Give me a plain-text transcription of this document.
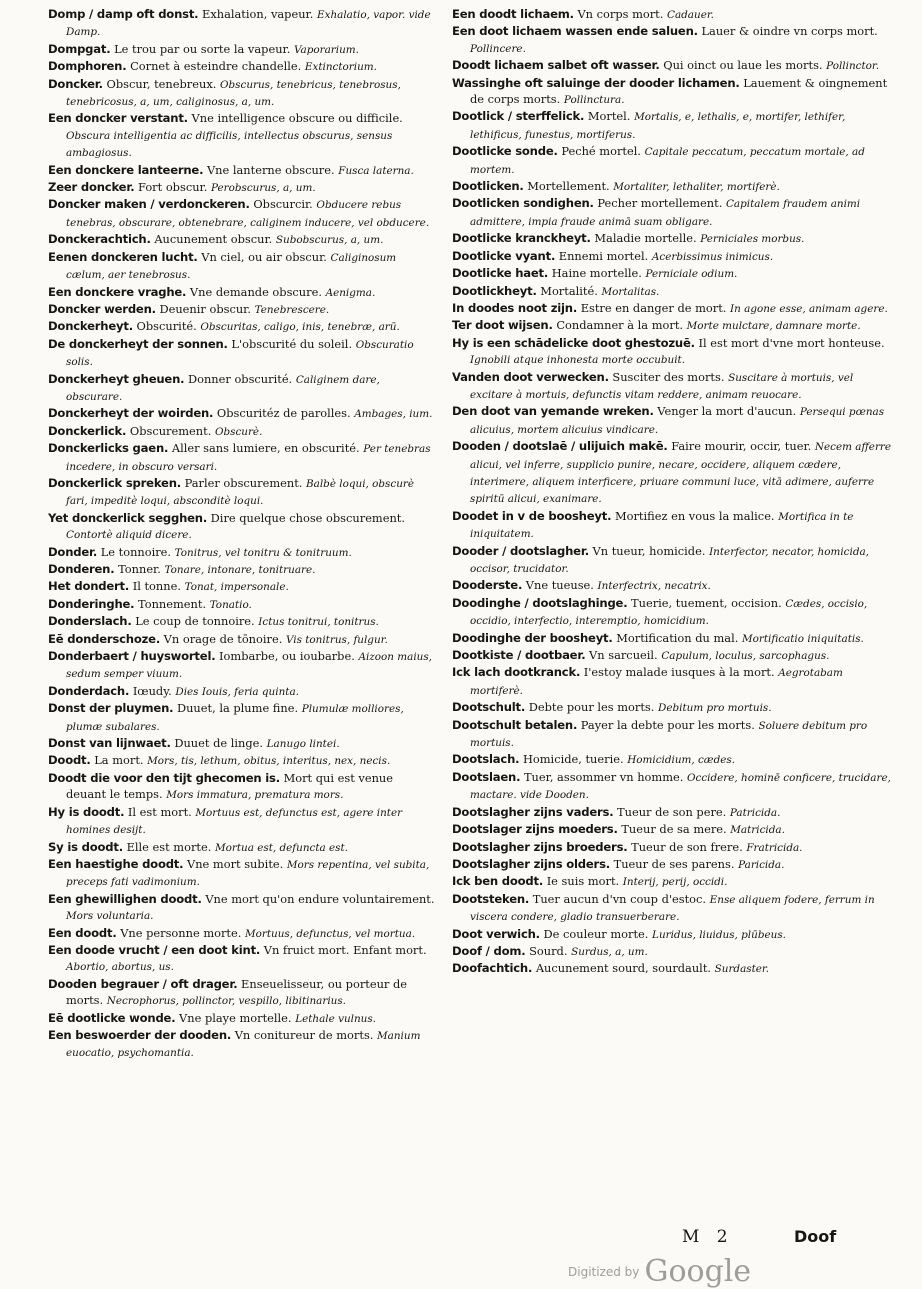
Domp / damp oft donst. Exhalation, vapeur. Exhalatio, vapor. vide Damp.

Dompgat. Le trou par ou sorte la vapeur. Vaporarium.

Domphoren. Cornet à esteindre chandelle. Extinctorium.

Doncker. Obscur, tenebreux. Obscurus, tenebricus, tenebrosus, tenebricosus, a, um, caliginosus, a, um.

Een doncker verstant. Vne intelligence obscure ou difficile. Obscura intelligentia ac difficilis, intellectus obscurus, sensus ambagiosus.

Een donckere lanteerne. Vne lanterne obscure. Fusca laterna.

Zeer doncker. Fort obscur. Perobscurus, a, um.

Doncker maken / verdonckeren. Obscurcir. Obducere rebus tenebras, obscurare, obtenebrare, caliginem inducere, vel obducere.

Donckerachtich. Aucunement obscur. Subobscurus, a, um.

Eenen donckeren lucht. Vn ciel, ou air obscur. Caliginosum cælum, aer tenebrosus.

Een donckere vraghe. Vne demande obscure. Aenigma.

Doncker werden. Deuenir obscur. Tenebrescere.

Donckerheyt. Obscurité. Obscuritas, caligo, inis, tenebræ, arū.

De donckerheyt der sonnen. L'obscurité du soleil. Obscuratio solis.

Donckerheyt gheuen. Donner obscurité. Caliginem dare, obscurare.

Donckerheyt der woirden. Obscuritéz de parolles. Ambages, ium.

Donckerlick. Obscurement. Obscurè.

Donckerlicks gaen. Aller sans lumiere, en obscurité. Per tenebras incedere, in obscuro versari.

Donckerlick spreken. Parler obscurement. Balbè loqui, obscurè fari, impeditè loqui, absconditè loqui.

Yet donckerlick segghen. Dire quelque chose obscurement. Contortè aliquid dicere.

Donder. Le tonnoire. Tonitrus, vel tonitru & tonitruum.

Donderen. Tonner. Tonare, intonare, tonitruare.

Het dondert. Il tonne. Tonat, impersonale.

Donderinghe. Tonnement. Tonatio.

Donderslach. Le coup de tonnoire. Ictus tonitrui, tonitrus.

Eē donderschoze. Vn orage de tōnoire. Vis tonitrus, fulgur.

Donderbaert / huyswortel. Iombarbe, ou ioubarbe. Aizoon maius, sedum semper viuum.

Donderdach. Iœudy. Dies Iouis, feria quinta.

Donst der pluymen. Duuet, la plume fine. Plumulæ molliores, plumæ subalares.

Donst van lijnwaet. Duuet de linge. Lanugo lintei.

Doodt. La mort. Mors, tis, lethum, obitus, interitus, nex, necis.

Doodt die voor den tijt ghecomen is. Mort qui est venue deuant le temps. Mors immatura, prematura mors.

Hy is doodt. Il est mort. Mortuus est, defunctus est, agere inter homines desijt.

Sy is doodt. Elle est morte. Mortua est, defuncta est.

Een haestighe doodt. Vne mort subite. Mors repentina, vel subita, preceps fati vadimonium.

Een ghewillighen doodt. Vne mort qu'on endure voluntairement. Mors voluntaria.

Een doodt. Vne personne morte. Mortuus, defunctus, vel mortua.

Een doode vrucht / een doot kint. Vn fruict mort. Enfant mort. Abortio, abortus, us.

Dooden begrauer / oft drager. Enseuelisseur, ou porteur de morts. Necrophorus, pollinctor, vespillo, libitinarius.

Eē dootlicke wonde. Vne playe mortelle. Lethale vulnus.

Een beswoerder der dooden. Vn conitureur de morts. Manium euocatio, psychomantia.

Een doodt lichaem. Vn corps mort. Cadauer.

Een doot lichaem wassen ende saluen. Lauer & oindre vn corps mort. Pollincere.

Doodt lichaem salbet oft wasser. Qui oinct ou laue les morts. Pollinctor.

Wassinghe oft saluinge der dooder lichamen. Lauement & oingnement de corps morts. Pollinctura.

Dootlick / sterffelick. Mortel. Mortalis, e, lethalis, e, mortifer, lethifer, lethificus, funestus, mortiferus.

Dootlicke sonde. Peché mortel. Capitale peccatum, peccatum mortale, ad mortem.

Dootlicken. Mortellement. Mortaliter, lethaliter, mortiferè.

Dootlicken sondighen. Pecher mortellement. Capitalem fraudem animi admittere, impia fraude animā suam obligare.

Dootlicke kranckheyt. Maladie mortelle. Perniciales morbus.

Dootlicke vyant. Ennemi mortel. Acerbissimus inimicus.

Dootlicke haet. Haine mortelle. Perniciale odium.

Dootlickheyt. Mortalité. Mortalitas.

In doodes noot zijn. Estre en danger de mort. In agone esse, animam agere.

Ter doot wijsen. Condamner à la mort. Morte mulctare, damnare morte.

Hy is een schādelicke doot ghestozuē. Il est mort d'vne mort honteuse. Ignobili atque inhonesta morte occubuit.

Vanden doot verwecken. Susciter des morts. Suscitare à mortuis, vel excitare à mortuis, defunctis vitam reddere, animam reuocare.

Den doot van yemande wreken. Venger la mort d'aucun. Persequi pœnas alicuius, mortem alicuius vindicare.

Dooden / dootslaē / ulijuich makē. Faire mourir, occir, tuer. Necem afferre alicui, vel inferre, supplicio punire, necare, occidere, aliquem cædere, interimere, aliquem interficere, priuare communi luce, vitā adimere, auferre spiritū alicui, exanimare.

Doodet in v de boosheyt. Mortifiez en vous la malice. Mortifica in te iniquitatem.

Dooder / dootslagher. Vn tueur, homicide. Interfector, necator, homicida, occisor, trucidator.

Dooderste. Vne tueuse. Interfectrix, necatrix.

Doodinghe / dootslaghinge. Tuerie, tuement, occision. Cædes, occisio, occidio, interfectio, interemptio, homicidium.

Doodinghe der boosheyt. Mortification du mal. Mortificatio iniquitatis.

Dootkiste / dootbaer. Vn sarcueil. Capulum, loculus, sarcophagus.

Ick lach dootkranck. I'estoy malade iusques à la mort. Aegrotabam mortiferè.

Dootschult. Debte pour les morts. Debitum pro mortuis.

Dootschult betalen. Payer la debte pour les morts. Soluere debitum pro mortuis.

Dootslach. Homicide, tuerie. Homicidium, cædes.

Dootslaen. Tuer, assommer vn homme. Occidere, hominē conficere, trucidare, mactare. vide Dooden.

Dootslagher zijns vaders. Tueur de son pere. Patricida.

Dootslager zijns moeders. Tueur de sa mere. Matricida.

Dootslagher zijns broeders. Tueur de son frere. Fratricida.

Dootslagher zijns olders. Tueur de ses parens. Paricida.

Ick ben doodt. Ie suis mort. Interij, perij, occidi.

Dootsteken. Tuer aucun d'vn coup d'estoc. Ense aliquem fodere, ferrum in viscera condere, gladio transuerberare.

Doot verwich. De couleur morte. Luridus, liuidus, plūbeus.

Doof / dom. Sourd. Surdus, a, um.

Doofachtich. Aucunement sourd, sourdault. Surdaster.

M 2	Doof
$^{Digitized by}$ Google
